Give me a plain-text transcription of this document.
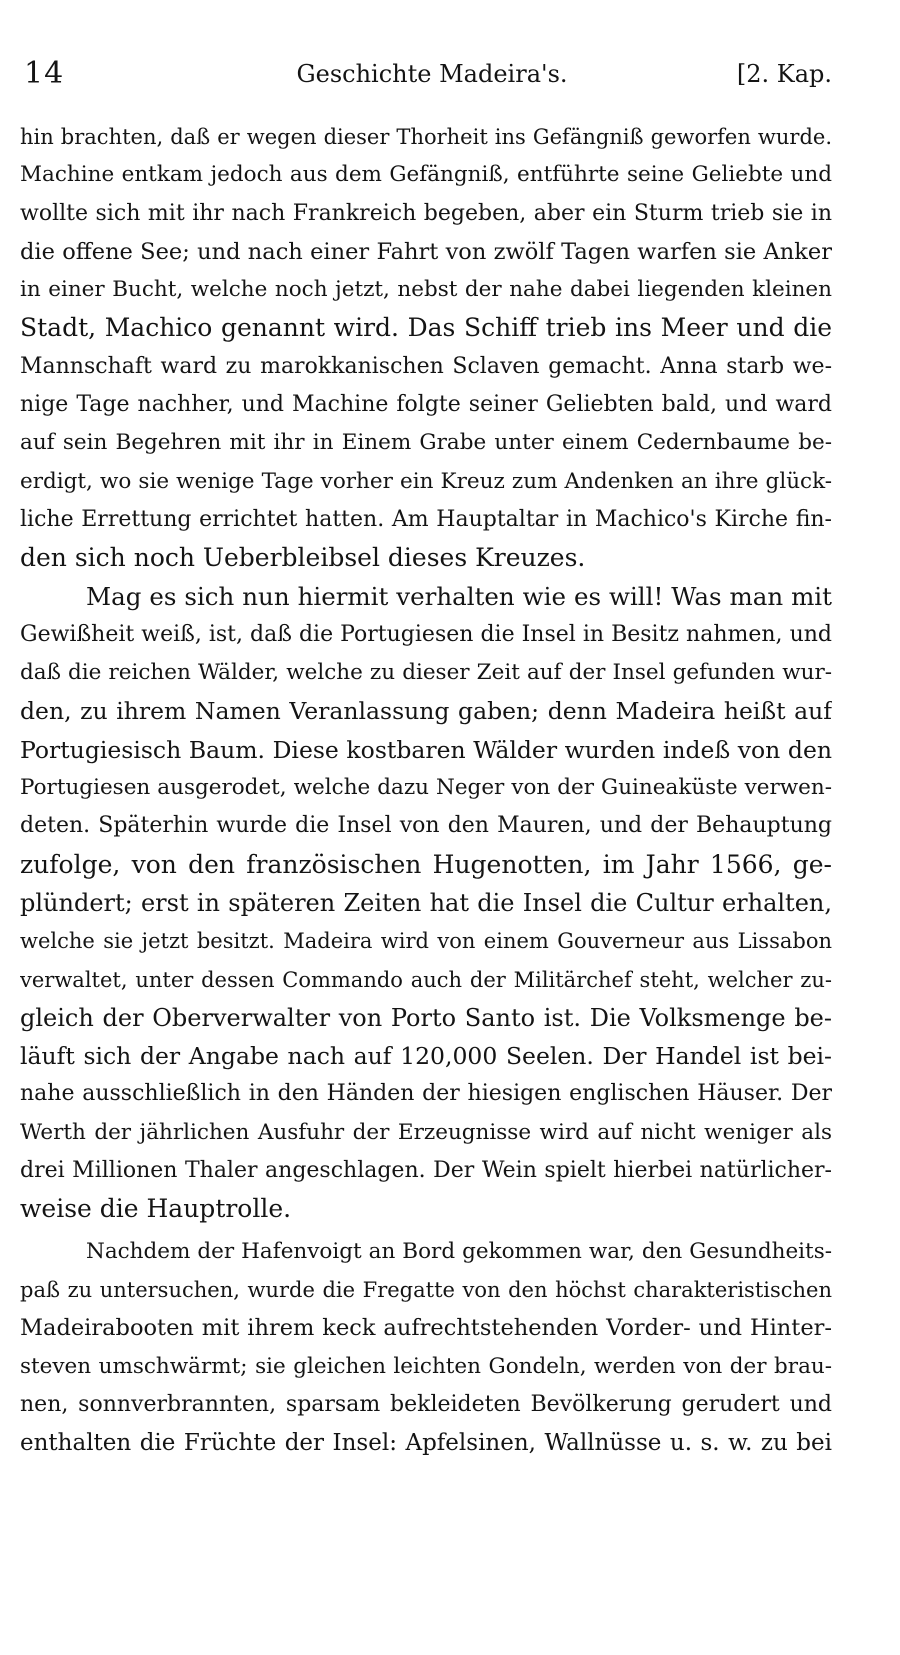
14	Geschichte Madeira's.	[2. Kap.
hin brachten, daß er wegen dieser Thorheit ins Gefängniß geworfen wurde.
Machine entkam jedoch aus dem Gefängniß, entführte seine Geliebte und
wollte sich mit ihr nach Frankreich begeben, aber ein Sturm trieb sie in
die offene See; und nach einer Fahrt von zwölf Tagen warfen sie Anker
in einer Bucht, welche noch jetzt, nebst der nahe dabei liegenden kleinen
Stadt, Machico genannt wird. Das Schiff trieb ins Meer und die
Mannschaft ward zu marokkanischen Sclaven gemacht. Anna starb we-
nige Tage nachher, und Machine folgte seiner Geliebten bald, und ward
auf sein Begehren mit ihr in Einem Grabe unter einem Cedernbaume be-
erdigt, wo sie wenige Tage vorher ein Kreuz zum Andenken an ihre glück-
liche Errettung errichtet hatten. Am Hauptaltar in Machico's Kirche fin-
den sich noch Ueberbleibsel dieses Kreuzes.
Mag es sich nun hiermit verhalten wie es will! Was man mit
Gewißheit weiß, ist, daß die Portugiesen die Insel in Besitz nahmen, und
daß die reichen Wälder, welche zu dieser Zeit auf der Insel gefunden wur-
den, zu ihrem Namen Veranlassung gaben; denn Madeira heißt auf
Portugiesisch Baum. Diese kostbaren Wälder wurden indeß von den
Portugiesen ausgerodet, welche dazu Neger von der Guineaküste verwen-
deten. Späterhin wurde die Insel von den Mauren, und der Behauptung
zufolge, von den französischen Hugenotten, im Jahr 1566, ge-
plündert; erst in späteren Zeiten hat die Insel die Cultur erhalten,
welche sie jetzt besitzt. Madeira wird von einem Gouverneur aus Lissabon
verwaltet, unter dessen Commando auch der Militärchef steht, welcher zu-
gleich der Oberverwalter von Porto Santo ist. Die Volksmenge be-
läuft sich der Angabe nach auf 120,000 Seelen. Der Handel ist bei-
nahe ausschließlich in den Händen der hiesigen englischen Häuser. Der
Werth der jährlichen Ausfuhr der Erzeugnisse wird auf nicht weniger als
drei Millionen Thaler angeschlagen. Der Wein spielt hierbei natürlicher-
weise die Hauptrolle.
Nachdem der Hafenvoigt an Bord gekommen war, den Gesundheits-
paß zu untersuchen, wurde die Fregatte von den höchst charakteristischen
Madeirabooten mit ihrem keck aufrechtstehenden Vorder- und Hinter-
steven umschwärmt; sie gleichen leichten Gondeln, werden von der brau-
nen, sonnverbrannten, sparsam bekleideten Bevölkerung gerudert und
enthalten die Früchte der Insel: Apfelsinen, Wallnüsse u. s. w. zu bei
